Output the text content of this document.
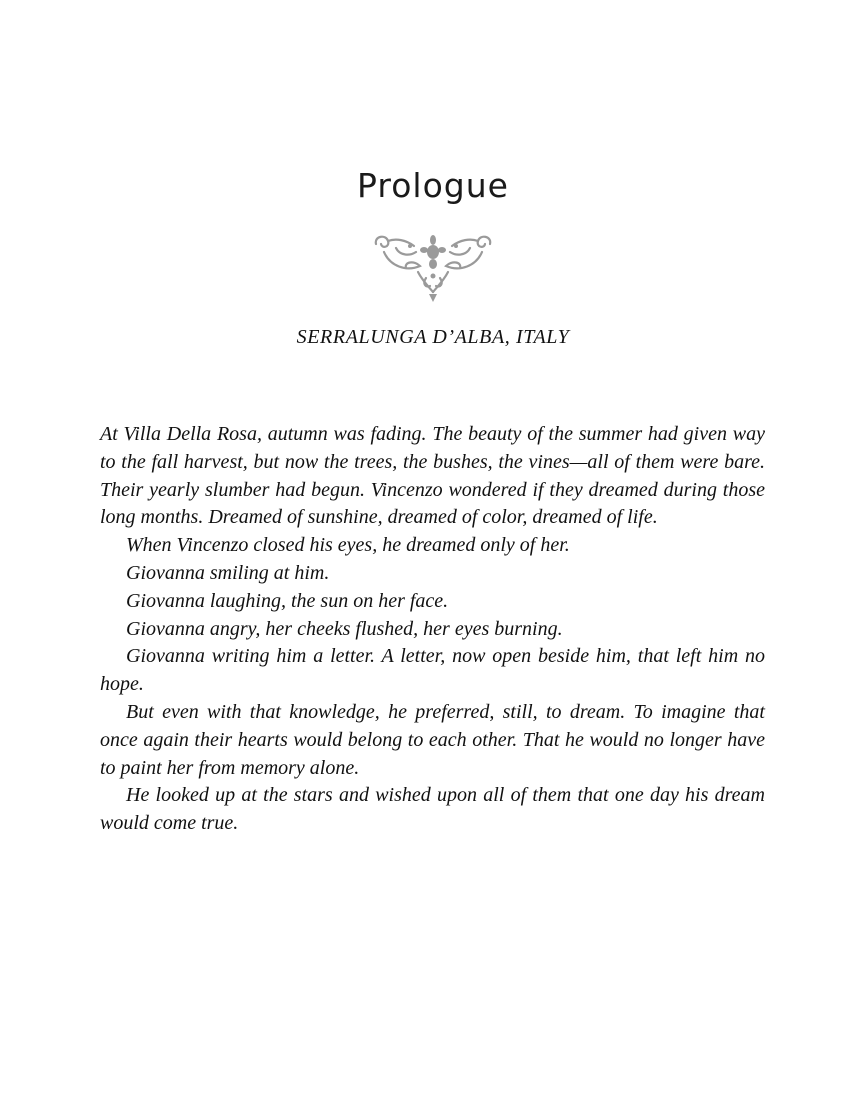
Prologue
SERRALUNGA D’ALBA, ITALY

At Villa Della Rosa, autumn was fading. The beauty of the summer had given way to the fall harvest, but now the trees, the bushes, the vines—all of them were bare. Their yearly slumber had begun. Vincenzo wondered if they dreamed during those long months. Dreamed of sunshine, dreamed of color, dreamed of life.

When Vincenzo closed his eyes, he dreamed only of her.

Giovanna smiling at him.

Giovanna laughing, the sun on her face.

Giovanna angry, her cheeks flushed, her eyes burning.

Giovanna writing him a letter. A letter, now open beside him, that left him no hope.

But even with that knowledge, he preferred, still, to dream. To imagine that once again their hearts would belong to each other. That he would no longer have to paint her from memory alone.

He looked up at the stars and wished upon all of them that one day his dream would come true.
